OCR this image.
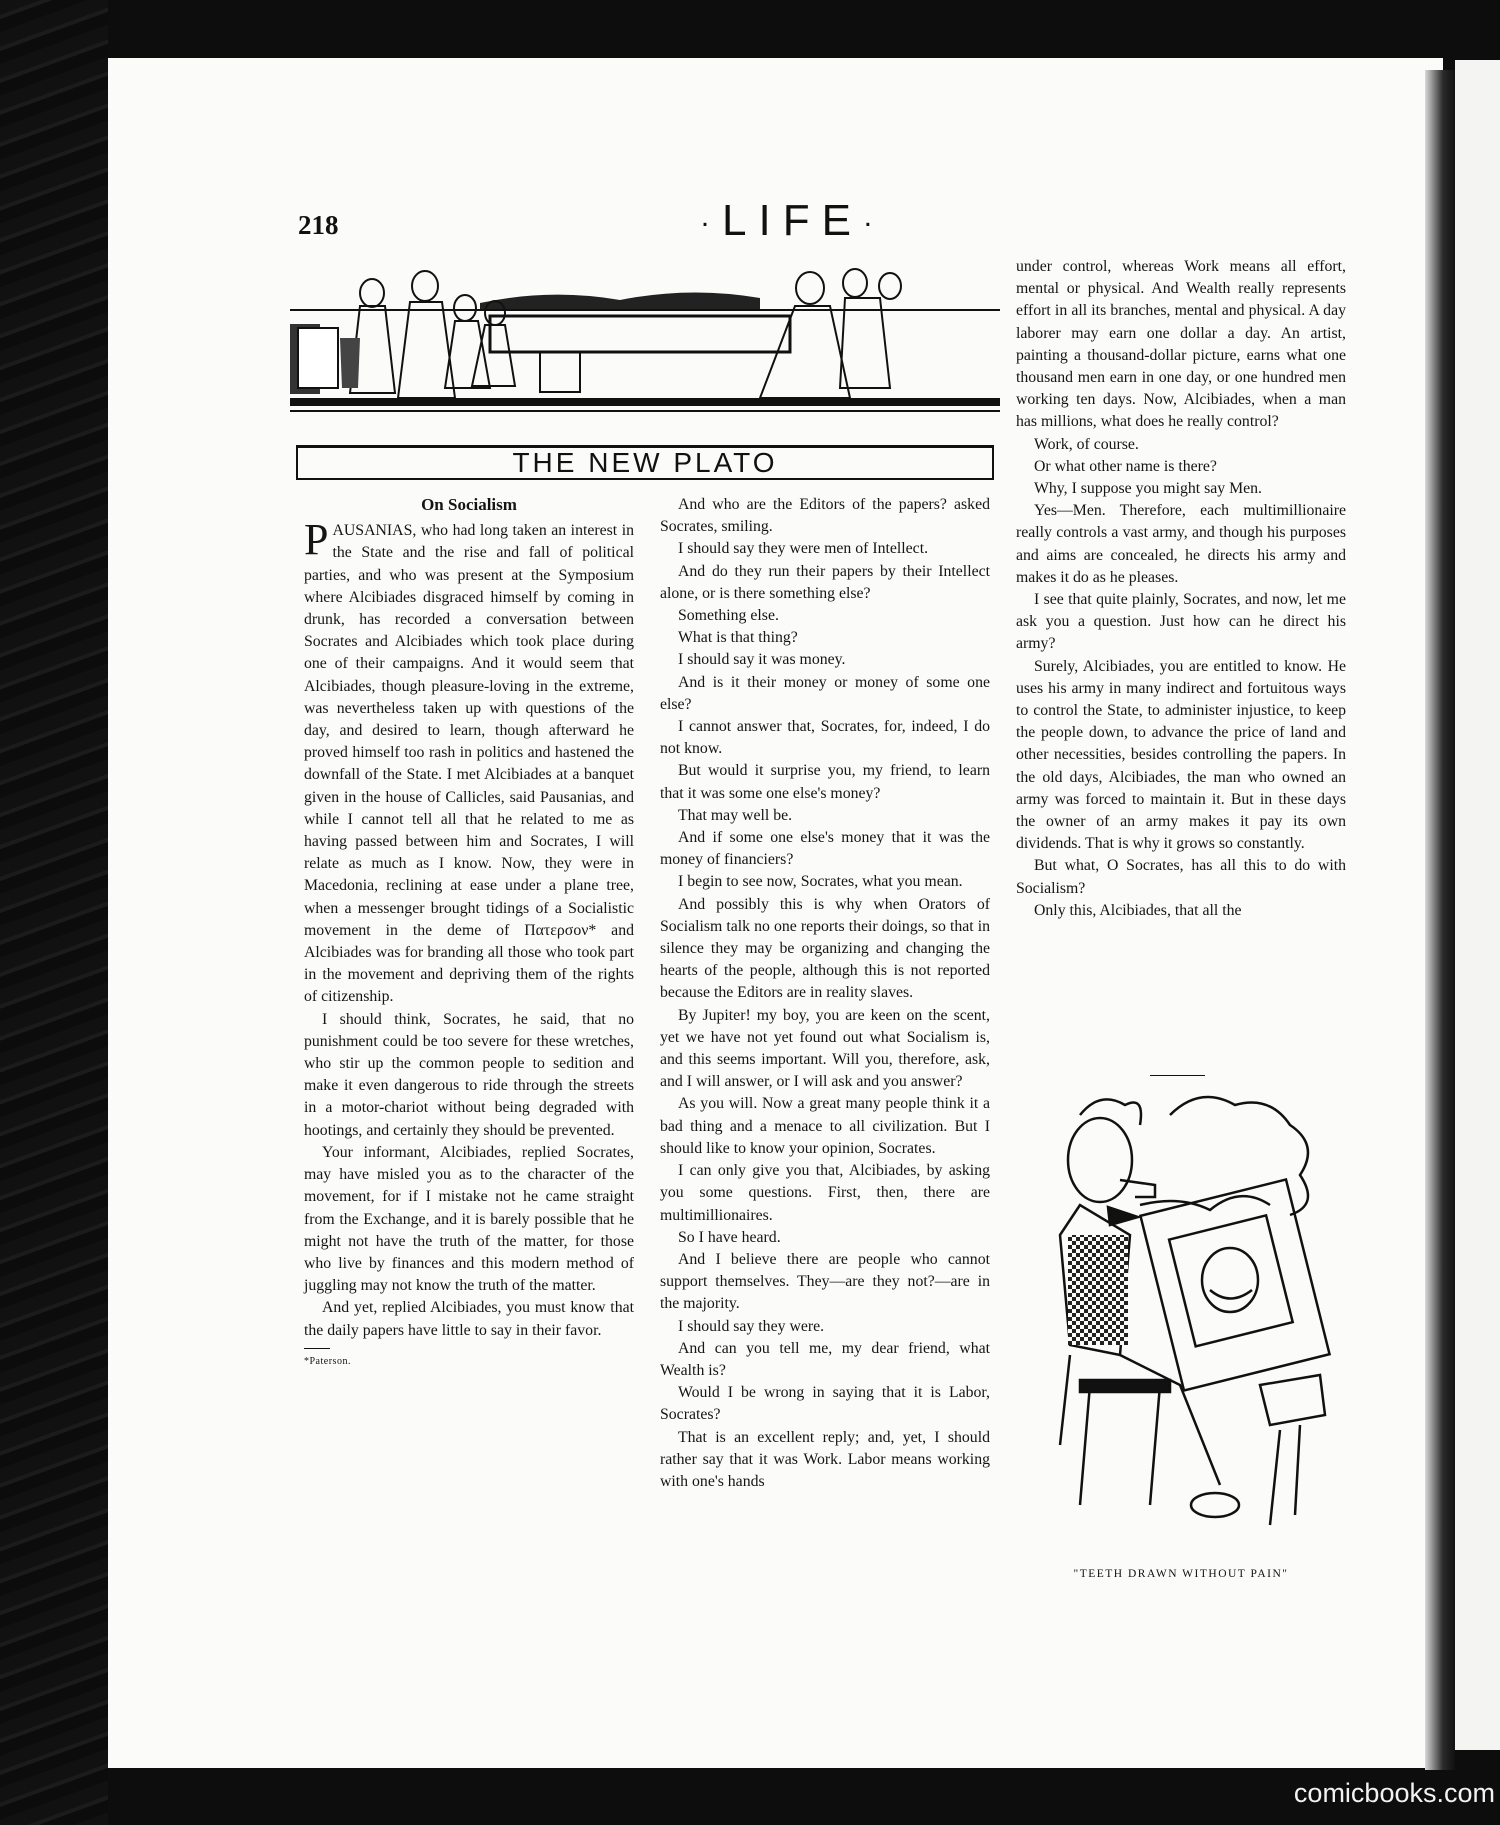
218	·LIFE·
THE NEW PLATO
On Socialism

PAUSANIAS, who had long taken an interest in the State and the rise and fall of political parties, and who was present at the Symposium where Alcibiades disgraced himself by coming in drunk, has recorded a conversation between Socrates and Alcibiades which took place during one of their campaigns. And it would seem that Alcibiades, though pleasure-loving in the extreme, was nevertheless taken up with questions of the day, and desired to learn, though afterward he proved himself too rash in politics and hastened the downfall of the State. I met Alcibiades at a banquet given in the house of Callicles, said Pausanias, and while I cannot tell all that he related to me as having passed between him and Socrates, I will relate as much as I know. Now, they were in Macedonia, reclining at ease under a plane tree, when a messenger brought tidings of a Socialistic movement in the deme of Πατερσον* and Alcibiades was for branding all those who took part in the movement and depriving them of the rights of citizenship.

I should think, Socrates, he said, that no punishment could be too severe for these wretches, who stir up the common people to sedition and make it even dangerous to ride through the streets in a motor-chariot without being degraded with hootings, and certainly they should be prevented.

Your informant, Alcibiades, replied Socrates, may have misled you as to the character of the movement, for if I mistake not he came straight from the Exchange, and it is barely possible that he might not have the truth of the matter, for those who live by finances and this modern method of juggling may not know the truth of the matter.

And yet, replied Alcibiades, you must know that the daily papers have little to say in their favor.

*Paterson.

And who are the Editors of the papers? asked Socrates, smiling.

I should say they were men of Intellect.

And do they run their papers by their Intellect alone, or is there something else?

Something else.

What is that thing?

I should say it was money.

And is it their money or money of some one else?

I cannot answer that, Socrates, for, indeed, I do not know.

But would it surprise you, my friend, to learn that it was some one else's money?

That may well be.

And if some one else's money that it was the money of financiers?

I begin to see now, Socrates, what you mean.

And possibly this is why when Orators of Socialism talk no one reports their doings, so that in silence they may be organizing and changing the hearts of the people, although this is not reported because the Editors are in reality slaves.

By Jupiter! my boy, you are keen on the scent, yet we have not yet found out what Socialism is, and this seems important. Will you, therefore, ask, and I will answer, or I will ask and you answer?

As you will. Now a great many people think it a bad thing and a menace to all civilization. But I should like to know your opinion, Socrates.

I can only give you that, Alcibiades, by asking you some questions. First, then, there are multimillionaires.

So I have heard.

And I believe there are people who cannot support themselves. They—are they not?—are in the majority.

I should say they were.

And can you tell me, my dear friend, what Wealth is?

Would I be wrong in saying that it is Labor, Socrates?

That is an excellent reply; and, yet, I should rather say that it was Work. Labor means working with one's hands

under control, whereas Work means all effort, mental or physical. And Wealth really represents effort in all its branches, mental and physical. A day laborer may earn one dollar a day. An artist, painting a thousand-dollar picture, earns what one thousand men earn in one day, or one hundred men working ten days. Now, Alcibiades, when a man has millions, what does he really control?

Work, of course.

Or what other name is there?

Why, I suppose you might say Men.

Yes—Men. Therefore, each multimillionaire really controls a vast army, and though his purposes and aims are concealed, he directs his army and makes it do as he pleases.

I see that quite plainly, Socrates, and now, let me ask you a question. Just how can he direct his army?

Surely, Alcibiades, you are entitled to know. He uses his army in many indirect and fortuitous ways to control the State, to administer injustice, to keep the people down, to advance the price of land and other necessities, besides controlling the papers. In the old days, Alcibiades, the man who owned an army was forced to maintain it. But in these days the owner of an army makes it pay its own dividends. That is why it grows so constantly.

But what, O Socrates, has all this to do with Socialism?

Only this, Alcibiades, that all the

"TEETH DRAWN WITHOUT PAIN"
comicbooks.com
